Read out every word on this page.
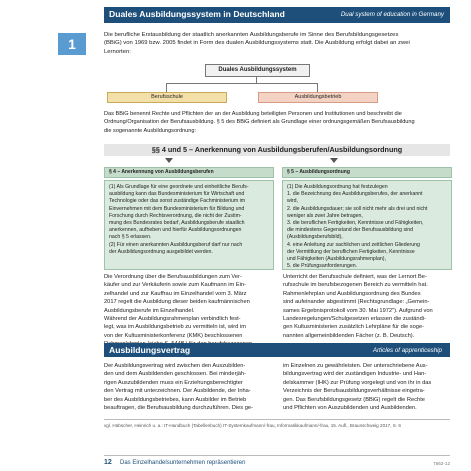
Duales Ausbildungssystem in Deutschland	Dual system of education in Germany
1
Die berufliche Erstausbildung der staatlich anerkannten Ausbildungsberufe im Sinne des Berufsbildungsgesetzes
(BBiG) von 1969 bzw. 2005 findet in Form des dualen Ausbildungssystems statt. Die Ausbildung erfolgt dabei an zwei
Lernorten:
Duales Ausbildungssystem
Berufsschule	Ausbildungsbetrieb
Das BBiG benennt Rechte und Pflichten der an der Ausbildung beteiligten Personen und Institutionen und beschreibt die
Ordnung/Organisation der Berufsausbildung. § 5 des BBiG definiert als Grundlage einer ordnungsgemäßen Berufsausbildung
die sogenannte Ausbildungsordnung:
§§ 4 und 5 – Anerkennung von Ausbildungsberufen/Ausbildungsordnung
§ 4 – Anerkennung von Ausbildungsberufen
(1) Als Grundlage für eine geordnete und einheitliche Berufs-
ausbildung kann das Bundesministerium für Wirtschaft und
Technologie oder das sonst zuständige Fachministerium im
Einvernehmen mit dem Bundesministerium für Bildung und
Forschung durch Rechtsverordnung, die nicht der Zustim-
mung des Bundesrates bedarf, Ausbildungsberufe staatlich
anerkennen, aufheben und hierfür Ausbildungsordnungen
nach § 5 erlassen.
(2) Für einen anerkannten Ausbildungsberuf darf nur nach
der Ausbildungsordnung ausgebildet werden.
§ 5 – Ausbildungsordnung
(1) Die Ausbildungsordnung hat festzulegen
1. die Bezeichnung des Ausbildungsberufes, der anerkannt
wird,
2. die Ausbildungsdauer; sie soll nicht mehr als drei und nicht
weniger als zwei Jahre betragen,
3. die beruflichen Fertigkeiten, Kenntnisse und Fähigkeiten,
die mindestens Gegenstand der Berufsausbildung sind
(Ausbildungsberufsbild),
4. eine Anleitung zur sachlichen und zeitlichen Gliederung
der Vermittlung der beruflichen Fertigkeiten, Kenntnisse
und Fähigkeiten (Ausbildungsrahmenplan),
5. die Prüfungsanforderungen.
Die Verordnung über die Berufsausbildungen zum Ver-
käufer und zur Verkäuferin sowie zum Kaufmann im Ein-
zelhandel und zur Kauffrau im Einzelhandel vom 3. März
2017 regelt die Ausbildung dieser beiden kaufmännischen
Ausbildungsberufe im Einzelhandel.
Während der Ausbildungsrahmenplan verbindlich fest-
legt, was im Ausbildungsbetrieb zu vermitteln ist, wird im
von der Kultusministerkonferenz (KMK) beschlossenen
Unterricht der Berufsschule definiert, was der Lernort Be-
rufsschule im berufsbezogenen Bereich zu vermitteln hat.
Rahmenlehrplan und Ausbildungsordnung des Bundes
sind aufeinander abgestimmt (Rechtsgrundlage: „Gemein-
sames Ergebnisprotokoll vom 30. Mai 1972"). Aufgrund von
Landesregelungen/Schulgesetzen erlassen die zuständi-
gen Kultusministerien zusätzlich Lehrpläne für die soge-
nannten allgemeinbildenden Fächer (z. B. Deutsch).
Ausbildungsvertrag	Articles of apprenticeship
Der Ausbildungsvertrag wird zwischen den Auszubilden-
den und dem Ausbildenden geschlossen. Bei minderjäh-
rigen Auszubildenden muss ein Erziehungsberechtigter
den Vertrag mit unterzeichnen. Der Ausbildende, der Inha-
ber des Ausbildungsbetriebes, kann Ausbilder im Betrieb
beauftragen, die Berufsausbildung durchzuführen. Dies ge-
im Einzelnen zu gewährleisten. Der unterschriebene Aus-
bildungsvertrag wird der zuständigen Industrie- und Han-
delskammer (IHK) zur Prüfung vorgelegt und von ihr in das
Verzeichnis der Berufsausbildungsverhältnisse eingetra-
gen. Das Berufsbildungsgesetz (BBiG) regelt die Rechte
und Pflichten von Auszubildenden und Ausbildenden.
vgl. Hübscher, Heinrich u. a.: IT-Handbuch (Tabellenbuch) IT-Systemkaufmann/-frau, Informatikkaufmann/-frau, 15. Aufl., Braunschweig 2017, S. 6
12 Das Einzelhandelsunternehmen repräsentieren	7562-12
